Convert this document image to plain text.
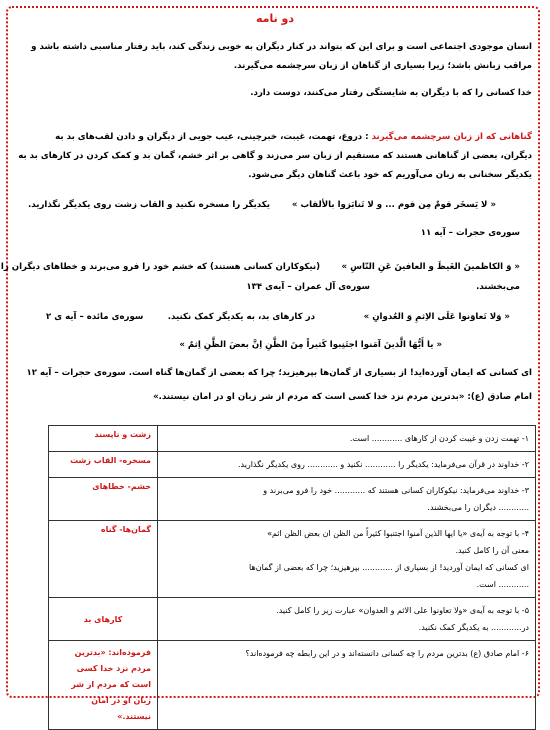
دو نامه
انسان موجودی اجتماعی است و برای این که بتواند در کنار دیگران به خوبی زندگی کند، باید رفتار مناسبی داشته باشد و
مراقب زبانش باشد؛ زیرا بسیاری از گناهان از زبان سرچشمه می‌گیرند.
خدا کسانی را که با دیگران به شایستگی رفتار می‌کنند، دوست دارد.
گناهانی که از زبان سرچشمه می‌گیرند : دروغ، تهمت، غیبت، خبرچینی، عیب جویی از دیگران و دادن لقب‌های بد به
دیگران، بعضی از گناهانی هستند که مستقیم از زبان سر می‌زند و گاهی بر اثر خشم، گمان بد و کمک کردن در کارهای بد به
یکدیگر سخنانی به زبان می‌آوریم که خود باعث گناهان دیگر می‌شود.
« لا یَسخَر قومٌ مِن قوم ... و لا تَنابَزوا بالألقاب »
یکدیگر را مسخره نکنید و القاب زشت روی یکدیگر نگذارید.
سوره‌ی حجرات – آیه ۱۱
« وَ الکاظمینَ الغَیظَ و العافینَ عَنِ النّاسِ »
(نیکوکاران کسانی هستند) که خشم خود را فرو می‌برند و خطاهای دیگران را
می‌بخشند.
سوره‌ی آل عمران – آیه‌ی ۱۳۴
« وَلا تَعاوَنوا عَلَی الاِثمِ وَ العُدوانِ »
در کارهای بد، به یکدیگر کمک نکنید.
سوره‌ی مائده – آیه ی ۲
« یا أَیُّهَا الَّذینَ آمَنوا اجتَنِبوا کَثیراً مِنَ الظَّنِ اِنَّ بعضَ الظَّنِ اِثمٌ »
ای کسانی که ایمان آورده‌اید! از بسیاری از گمان‌ها بپرهیزید؛ چرا که بعضی از گمان‌ها گناه است. سوره‌ی حجرات – آیه ۱۲
امام صادق (ع): «بدترین مردم نزد خدا کسی است که مردم از شر زبان او در امان نیستند.»
۱- تهمت زدن و غیبت کردن از کارهای ............ است.	زشت و ناپسند

۲- خداوند در قرآن می‌فرماید: یکدیگر را ............ نکنید و ............ روی یکدیگر نگذارید.	مسخره- القاب زشت

۳- خداوند می‌فرماید: نیکوکاران کسانی هستند که ............ خود را فرو می‌برند و
............ دیگران را می‌بخشند.	خشم- خطاهای

۴- با توجه به آیه‌ی «یا ایها الذین آمنوا اجتنبوا کثیراً من الظن ان بعض الظن اثم»
معنی آن را کامل کنید.
ای کسانی که ایمان آوردید! از بسیاری از ............ بپرهیزید؛ چرا که بعضی از گمان‌ها
............ است.	گمان‌ها- گناه

۵- با توجه به آیه‌ی «ولا تعاونوا علی الاثم و العدوان» عبارت زیر را کامل کنید.
در............ به یکدیگر کمک نکنید.	کارهای بد

۶- امام صادق (ع) بدترین مردم را چه کسانی دانسته‌اند و در این رابطه چه فرموده‌اند؟	فرموده‌اند: «بدترین مردم نزد خدا کسی است که مردم از شر زبان او در امان نیستند.»
